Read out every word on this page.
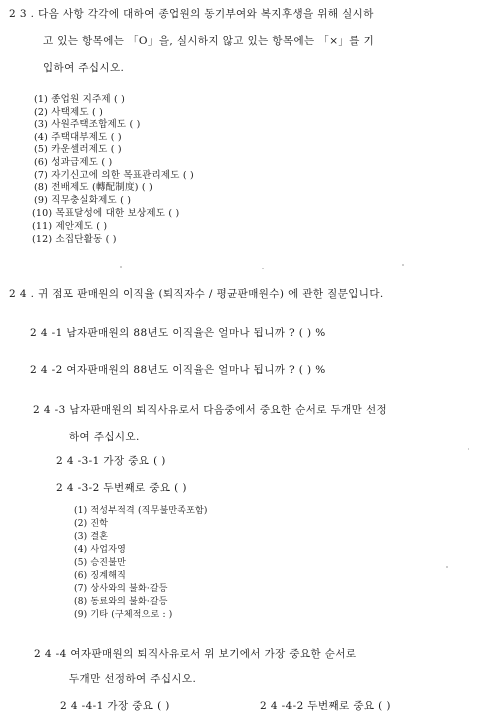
2 3 . 다음 사항 각각에 대하여 종업원의 동기부여와 복지후생을 위해 실시하
고 있는 항목에는 「O」을, 실시하지 않고 있는 항목에는 「×」를 기
입하여 주십시오.
(1) 종업원 지주제 ( )
(2) 사택제도 ( )
(3) 사원주택조합제도 ( )
(4) 주택대부제도 ( )
(5) 카운셀러제도 ( )
(6) 성과급제도 ( )
(7) 자기신고에 의한 목표관리제도 ( )
(8) 전배제도 (轉配制度) ( )
(9) 직무충실화제도 ( )
(10) 목표달성에 대한 보상제도 ( )
(11) 제안제도 ( )
(12) 소집단활동 ( )
2 4 . 귀 점포 판매원의 이직율 (퇴직자수 / 평균판매원수) 에 관한 질문입니다.
2 4 -1 남자판매원의 88년도 이직율은 얼마나 됩니까 ? ( ) %
2 4 -2 여자판매원의 88년도 이직율은 얼마나 됩니까 ? ( ) %
2 4 -3 남자판매원의 퇴직사유로서 다음중에서 중요한 순서로 두개만 선정
하여 주십시오.
2 4 -3-1 가장 중요 ( )
2 4 -3-2 두번째로 중요 ( )
(1) 적성부적격 (직무불만족포함)
(2) 진학
(3) 결혼
(4) 사업자영
(5) 승진불만
(6) 징계해직
(7) 상사와의 불화·갈등
(8) 동료와의 불화·갈등
(9) 기타 (구체적으로 : )
2 4 -4 여자판매원의 퇴직사유로서 위 보기에서 가장 중요한 순서로
두개만 선정하여 주십시오.
2 4 -4-1 가장 중요 ( )	2 4 -4-2 두번째로 중요 ( )
